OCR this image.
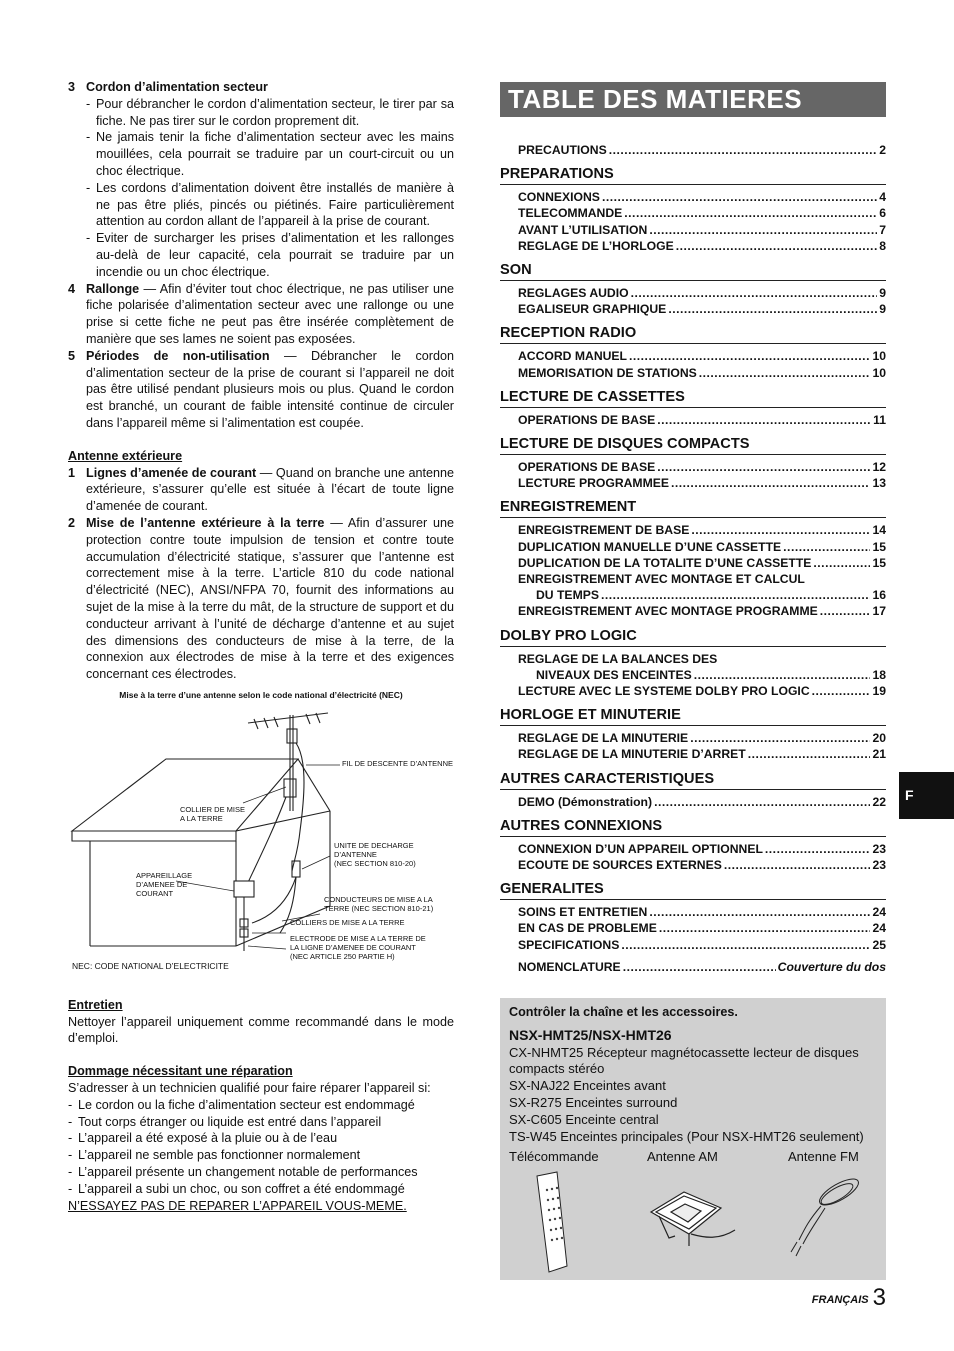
3 Cordon d’alimentation secteur
- Pour débrancher le cordon d’alimentation secteur, le tirer par sa fiche. Ne pas tirer sur le cordon proprement dit.
- Ne jamais tenir la fiche d’alimentation secteur avec les mains mouillées, cela pourrait se traduire par un court-circuit ou un choc électrique.
- Les cordons d’alimentation doivent être installés de manière à ne pas être pliés, pincés ou piétinés. Faire particulièrement attention au cordon allant de l’appareil à la prise de courant.
- Eviter de surcharger les prises d’alimentation et les rallonges au-delà de leur capacité, cela pourrait se traduire par un incendie ou un choc électrique.
4 Rallonge — Afin d’éviter tout choc électrique, ne pas utiliser une fiche polarisée d’alimentation secteur avec une rallonge ou une prise si cette fiche ne peut pas être insérée complètement de manière que ses lames ne soient pas exposées.
5 Périodes de non-utilisation — Débrancher le cordon d’alimentation secteur de la prise de courant si l’appareil ne doit pas être utilisé pendant plusieurs mois ou plus. Quand le cordon est branché, un courant de faible intensité continue de circuler dans l’appareil même si l’alimentation est coupée.

Antenne extérieure

1 Lignes d’amenée de courant — Quand on branche une antenne extérieure, s’assurer qu’elle est située à l’écart de toute ligne d’amenée de courant.
2 Mise de l’antenne extérieure à la terre — Afin d’assurer une protection contre toute impulsion de tension et contre toute accumulation d’électricité statique, s’assurer que l’antenne est correctement mise à la terre. L’article 810 du code national d’électricité (NEC), ANSI/NFPA 70, fournit des informations au sujet de la mise à la terre du mât, de la structure de support et du conducteur arrivant à l’unité de décharge d’antenne et au sujet des dimensions des conducteurs de mise à la terre, de la connexion aux électrodes de mise à la terre et des exigences concernant ces électrodes.
Mise à la terre d’une antenne selon le code national d’électricité (NEC)
FIL DE DESCENTE D’ANTENNE
COLLIER DE MISE
A LA TERRE
UNITE DE DECHARGE
D’ANTENNE
(NEC SECTION 810-20)
APPAREILLAGE
D’AMENEE DE
COURANT
CONDUCTEURS DE MISE A LA
TERRE (NEC SECTION 810-21)
COLLIERS DE MISE A LA TERRE
ELECTRODE DE MISE A LA TERRE DE
LA LIGNE D’AMENEE DE COURANT
(NEC ARTICLE 250 PARTIE H)
NEC: CODE NATIONAL D’ELECTRICITE

Entretien

Nettoyer l’appareil uniquement comme recommandé dans le mode d’emploi.

Dommage nécessitant une réparation

S’adresser à un technicien qualifié pour faire réparer l’appareil si:

- Le cordon ou la fiche d’alimentation secteur est endommagé
- Tout corps étranger ou liquide est entré dans l’appareil
- L’appareil a été exposé à la pluie ou à de l’eau
- L’appareil ne semble pas fonctionner normalement
- L’appareil présente un changement notable de performances
- L’appareil a subi un choc, ou son coffret a été endommagé

N’ESSAYEZ PAS DE REPARER L’APPAREIL VOUS-MEME.

TABLE DES MATIERES
PRECAUTIONS .....	2
PREPARATIONS
CONNEXIONS .....	4
TELECOMMANDE .....	6
AVANT L’UTILISATION .....	7
REGLAGE DE L’HORLOGE .....	8
SON
REGLAGES AUDIO .....	9
EGALISEUR GRAPHIQUE .....	9
RECEPTION RADIO
ACCORD MANUEL .....	10
MEMORISATION DE STATIONS .....	10
LECTURE DE CASSETTES
OPERATIONS DE BASE .....	11
LECTURE DE DISQUES COMPACTS
OPERATIONS DE BASE .....	12
LECTURE PROGRAMMEE .....	13
ENREGISTREMENT
ENREGISTREMENT DE BASE .....	14
DUPLICATION MANUELLE D’UNE CASSETTE .....	15
DUPLICATION DE LA TOTALITE D’UNE CASSETTE .....	15
ENREGISTREMENT AVEC MONTAGE ET CALCUL
DU TEMPS .....	16
ENREGISTREMENT AVEC MONTAGE PROGRAMME .....	17
DOLBY PRO LOGIC
REGLAGE DE LA BALANCES DES
NIVEAUX DES ENCEINTES .....	18
LECTURE AVEC LE SYSTEME DOLBY PRO LOGIC .....	19
HORLOGE ET MINUTERIE
REGLAGE DE LA MINUTERIE .....	20
REGLAGE DE LA MINUTERIE D’ARRET .....	21
AUTRES CARACTERISTIQUES
DEMO (Démonstration) .....	22
AUTRES CONNEXIONS
CONNEXION D’UN APPAREIL OPTIONNEL .....	23
ECOUTE DE SOURCES EXTERNES .....	23
GENERALITES
SOINS ET ENTRETIEN .....	24
EN CAS DE PROBLEME .....	24
SPECIFICATIONS .....	25
NOMENCLATURE .....	Couverture du dos
Contrôler la chaîne et les accessoires.
NSX-HMT25/NSX-HMT26
CX-NHMT25 Récepteur magnétocassette lecteur de disques compacts stéréo
SX-NAJ22 Enceintes avant
SX-R275 Enceintes surround
SX-C605 Enceinte central
TS-W45 Enceintes principales (Pour NSX-HMT26 seulement)
Télécommande	Antenne AM	Antenne FM
F
FRANÇAIS 3
